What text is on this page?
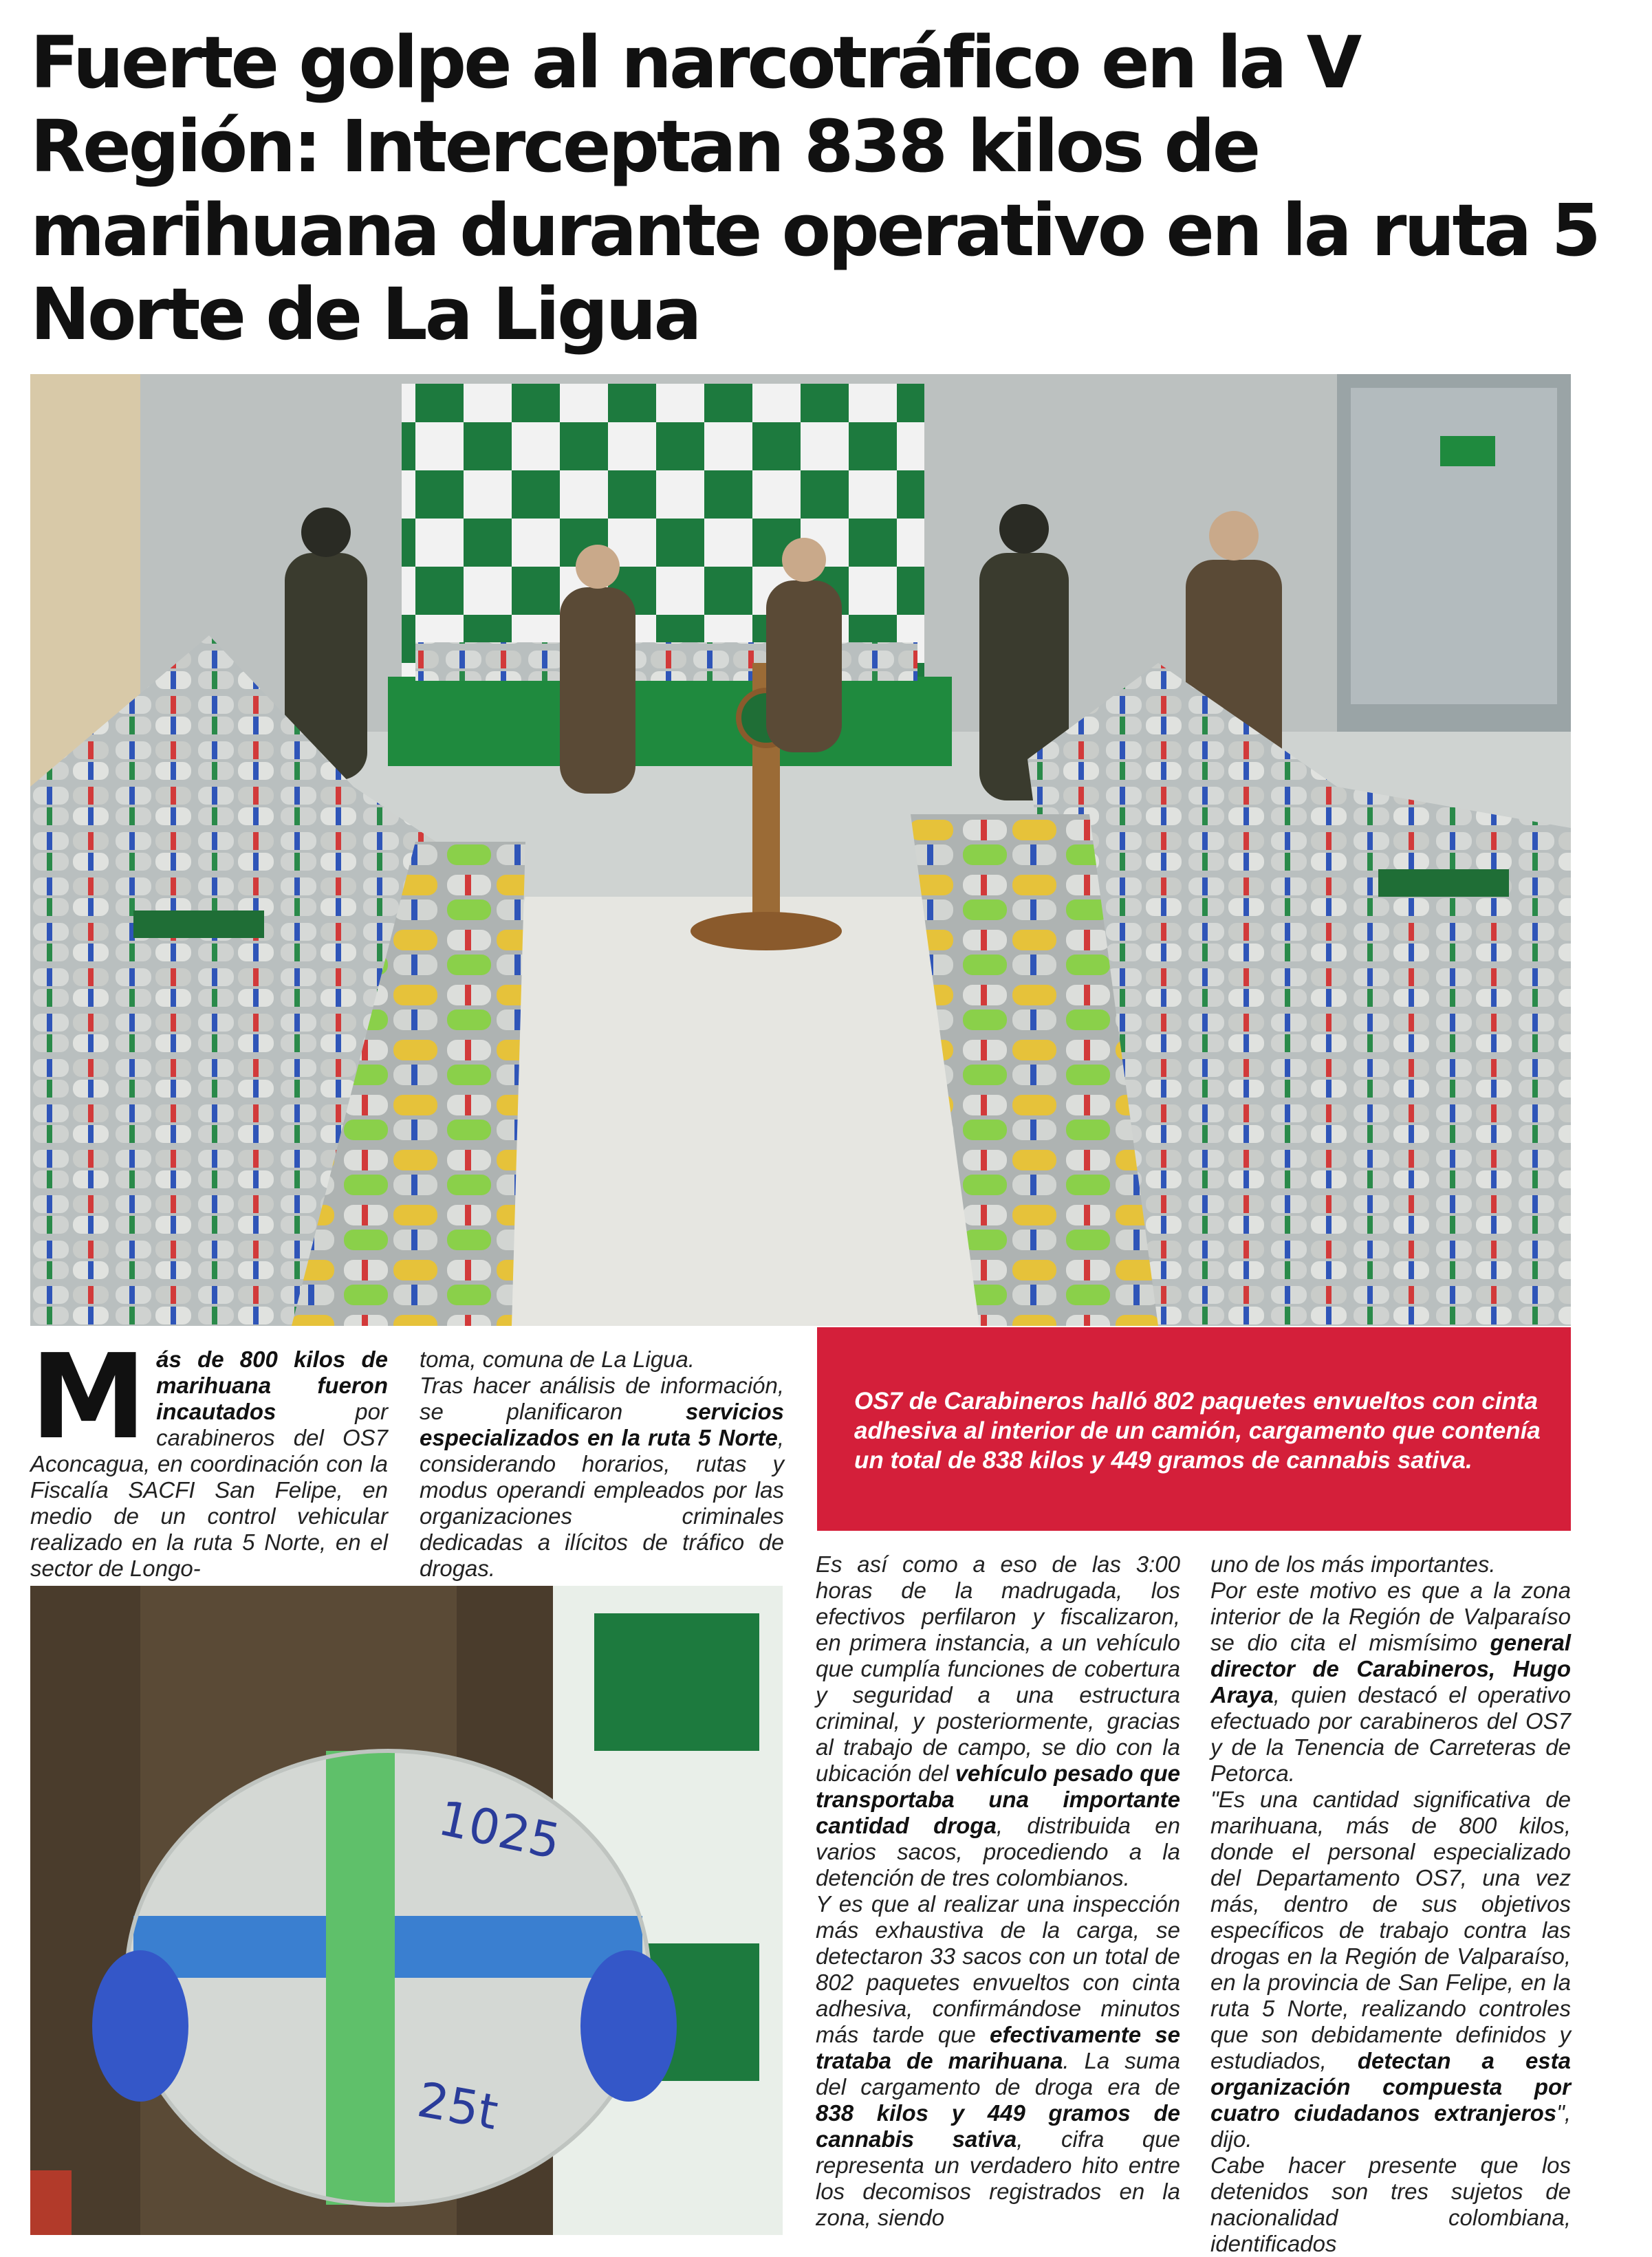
Fuerte golpe al narcotráfico en la V Región: Interceptan 838 kilos de marihuana durante operativo en la ruta 5 Norte de La Ligua

OS7 de Carabineros halló 802 paquetes envueltos con cinta adhesiva al interior de un camión, cargamento que contenía un total de 838 kilos y 449 gramos de cannabis sativa.

M ás de 800 kilos de marihuana fueron incautados por carabineros del OS7 Aconcagua, en coordinación con la Fiscalía SACFI San Felipe, en medio de un control vehicular realizado en la ruta 5 Norte, en el sector de Longo-

toma, comuna de La Ligua.

Tras hacer análisis de información, se planificaron servicios especializados en la ruta 5 Norte, considerando horarios, rutas y modus operandi empleados por las organizaciones criminales dedicadas a ilícitos de tráfico de drogas.

1025
25t

Es así como a eso de las 3:00 horas de la madrugada, los efectivos perfilaron y fiscalizaron, en primera instancia, a un vehículo que cumplía funciones de cobertura y seguridad a una estructura criminal, y posteriormente, gracias al trabajo de campo, se dio con la ubicación del vehículo pesado que transportaba una importante cantidad droga, distribuida en varios sacos, procediendo a la detención de tres colombianos.

Y es que al realizar una inspección más exhaustiva de la carga, se detectaron 33 sacos con un total de 802 paquetes envueltos con cinta adhesiva, confirmándose minutos más tarde que efectivamente se trataba de marihuana. La suma del cargamento de droga era de 838 kilos y 449 gramos de cannabis sativa, cifra que representa un verdadero hito entre los decomisos registrados en la zona, siendo

uno de los más importantes.

Por este motivo es que a la zona interior de la Región de Valparaíso se dio cita el mismísimo general director de Carabineros, Hugo Araya, quien destacó el operativo efectuado por carabineros del OS7 y de la Tenencia de Carreteras de Petorca.

"Es una cantidad significativa de marihuana, más de 800 kilos, donde el personal especializado del Departamento OS7, una vez más, dentro de sus objetivos específicos de trabajo contra las drogas en la Región de Valparaíso, en la provincia de San Felipe, en la ruta 5 Norte, realizando controles que son debidamente definidos y estudiados, detectan a esta organización compuesta por cuatro ciudadanos extranjeros", dijo.

Cabe hacer presente que los detenidos son tres sujetos de nacionalidad colombiana, identificados
